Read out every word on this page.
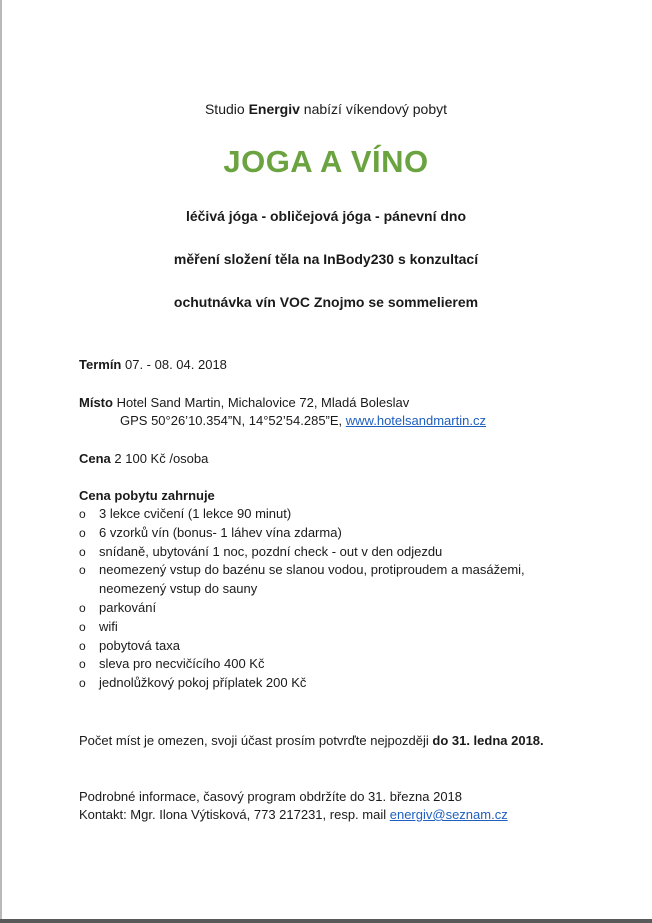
Studio Energiv nabízí víkendový pobyt
JOGA A VÍNO
léčivá jóga - obličejová jóga - pánevní dno
měření složení těla na InBody230 s konzultací
ochutnávka vín VOC Znojmo se sommelierem
Termín 07. - 08. 04. 2018
Místo Hotel Sand Martin, Michalovice 72, Mladá Boleslav
GPS 50°26’10.354”N, 14°52’54.285”E, www.hotelsandmartin.cz
Cena 2 100 Kč /osoba
Cena pobytu zahrnuje
o 3 lekce cvičení (1 lekce 90 minut)
o 6 vzorků vín (bonus- 1 láhev vína zdarma)
o snídaně, ubytování 1 noc, pozdní check - out v den odjezdu
o neomezený vstup do bazénu se slanou vodou, protiproudem a masážemi,
neomezený vstup do sauny
o parkování
o wifi
o pobytová taxa
o sleva pro necvičícího 400 Kč
o jednolůžkový pokoj příplatek 200 Kč
Počet míst je omezen, svoji účast prosím potvrďte nejpozději do 31. ledna 2018.
Podrobné informace, časový program obdržíte do 31. března 2018
Kontakt: Mgr. Ilona Výtisková, 773 217231, resp. mail energiv@seznam.cz
